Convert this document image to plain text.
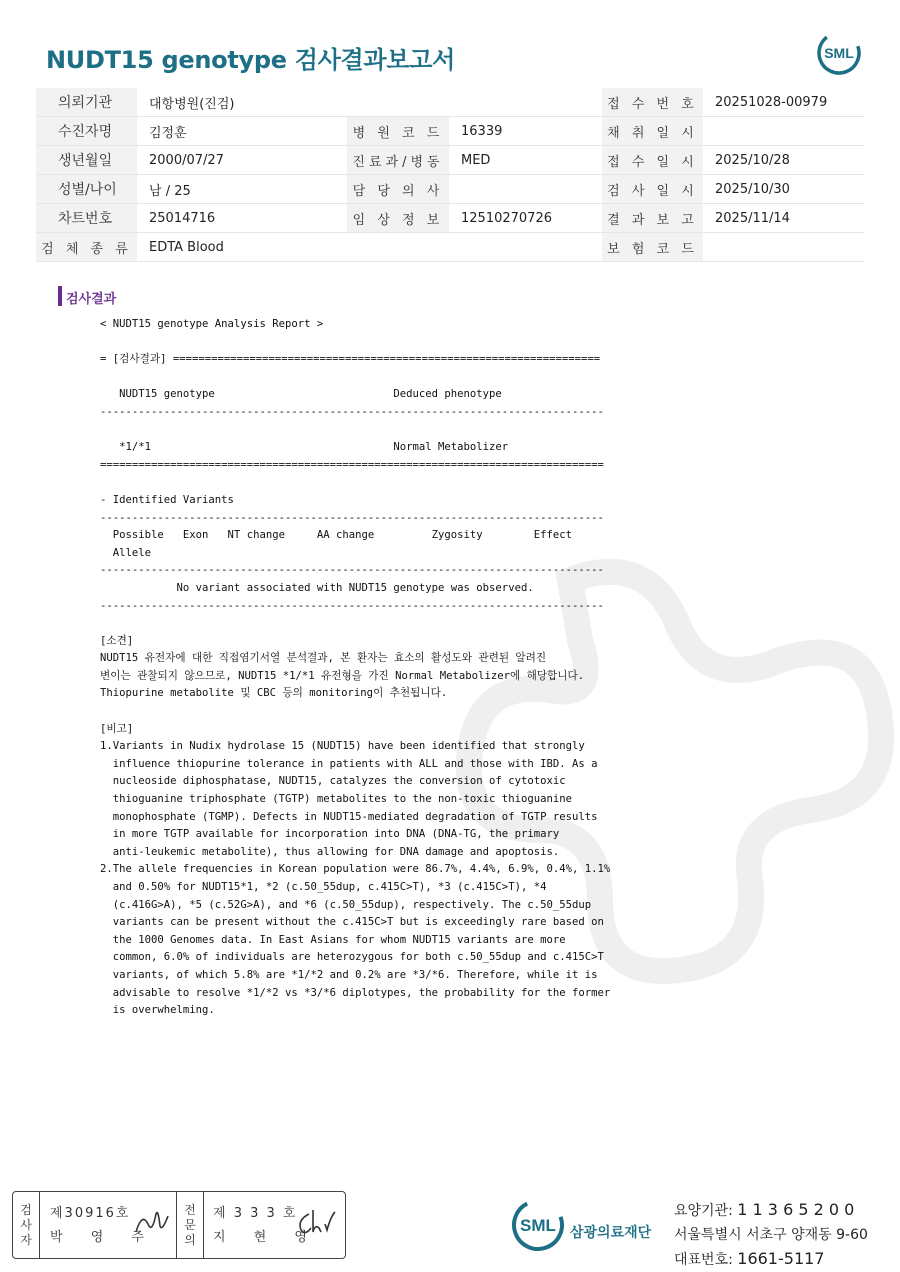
NUDT15 genotype 검사결과보고서	SML
의뢰기관	대항병원(진검)			접 수 번 호	20251028-00979
수진자명	김정훈	병 원 코 드	16339	채 취 일 시	
생년월일	2000/07/27	진료과/병동	MED	접 수 일 시	2025/10/28
성별/나이	남 / 25	담 당 의 사		검 사 일 시	2025/10/30
차트번호	25014716	임 상 정 보	12510270726	결 과 보 고	2025/11/14
검 체 종 류	EDTA Blood			보 험 코 드	
검사결과
< NUDT15 genotype Analysis Report >

= [검사결과] ===================================================================

NUDT15 genotype                            Deduced phenotype
-------------------------------------------------------------------------------

*1/*1                                      Normal Metabolizer
===============================================================================

- Identified Variants
-------------------------------------------------------------------------------
Possible   Exon   NT change     AA change         Zygosity        Effect
Allele
-------------------------------------------------------------------------------
No variant associated with NUDT15 genotype was observed.
-------------------------------------------------------------------------------

[소견]
NUDT15 유전자에 대한 직접염기서열 분석결과, 본 환자는 효소의 활성도와 관련된 알려진
변이는 관찰되지 않으므로, NUDT15 *1/*1 유전형을 가진 Normal Metabolizer에 해당합니다.
Thiopurine metabolite 및 CBC 등의 monitoring이 추천됩니다.

[비고]
1.Variants in Nudix hydrolase 15 (NUDT15) have been identified that strongly
influence thiopurine tolerance in patients with ALL and those with IBD. As a
nucleoside diphosphatase, NUDT15, catalyzes the conversion of cytotoxic
thioguanine triphosphate (TGTP) metabolites to the non-toxic thioguanine
monophosphate (TGMP). Defects in NUDT15-mediated degradation of TGTP results
in more TGTP available for incorporation into DNA (DNA-TG, the primary
anti-leukemic metabolite), thus allowing for DNA damage and apoptosis.
2.The allele frequencies in Korean population were 86.7%, 4.4%, 6.9%, 0.4%, 1.1%
and 0.50% for NUDT15*1, *2 (c.50_55dup, c.415C>T), *3 (c.415C>T), *4
(c.416G>A), *5 (c.52G>A), and *6 (c.50_55dup), respectively. The c.50_55dup
variants can be present without the c.415C>T but is exceedingly rare based on
the 1000 Genomes data. In East Asians for whom NUDT15 variants are more
common, 6.0% of individuals are heterozygous for both c.50_55dup and c.415C>T
variants, of which 5.8% are *1/*2 and 0.2% are *3/*6. Therefore, while it is
advisable to resolve *1/*2 vs *3/*6 diplotypes, the probability for the former
is overwhelming.
검
사
자
제30916호
박 영 주
전
문
의
제 3 3 3 호
지 현 영
SML 삼광의료재단
요양기관: 1 1 3 6 5 2 0 0
서울특별시 서초구 양재동 9-60
대표번호: 1661-5117
